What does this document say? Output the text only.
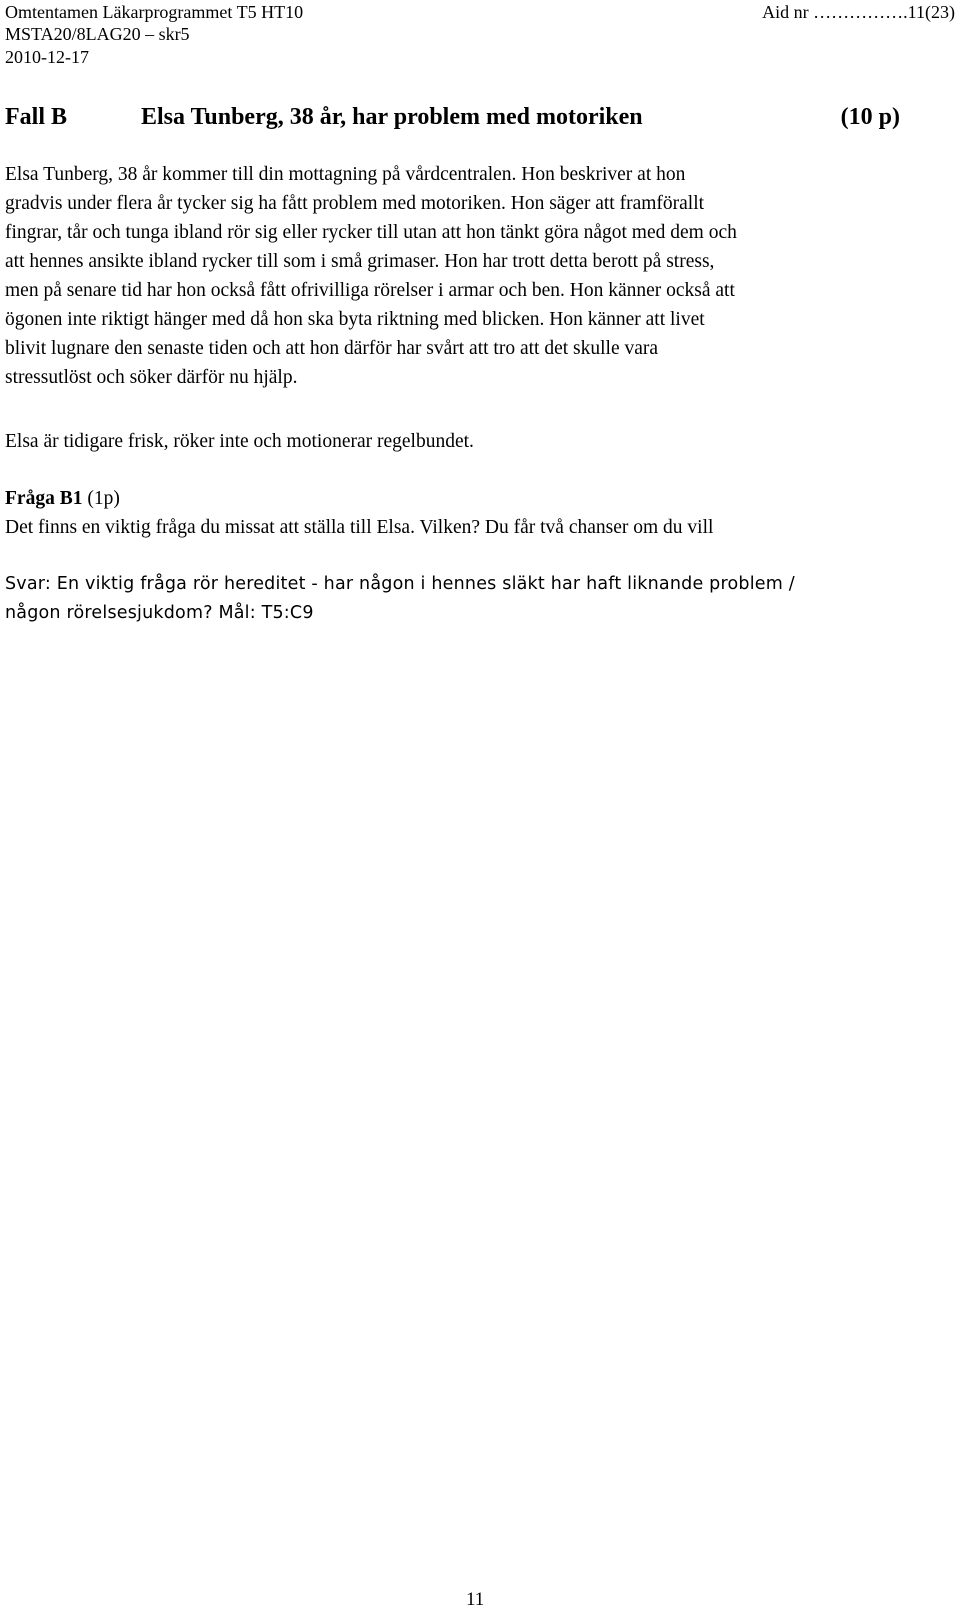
Omtentamen Läkarprogrammet T5 HT10	Aid nr …………….11(23)
MSTA20/8LAG20 – skr5
2010-12-17
Fall B	Elsa Tunberg, 38 år, har problem med motoriken	(10 p)
Elsa Tunberg, 38 år kommer till din mottagning på vårdcentralen. Hon beskriver at hon
gradvis under flera år tycker sig ha fått problem med motoriken. Hon säger att framförallt
fingrar, tår och tunga ibland rör sig eller rycker till utan att hon tänkt göra något med dem och
att hennes ansikte ibland rycker till som i små grimaser. Hon har trott detta berott på stress,
men på senare tid har hon också fått ofrivilliga rörelser i armar och ben. Hon känner också att
ögonen inte riktigt hänger med då hon ska byta riktning med blicken. Hon känner att livet
blivit lugnare den senaste tiden och att hon därför har svårt att tro att det skulle vara
stressutlöst och söker därför nu hjälp.
Elsa är tidigare frisk, röker inte och motionerar regelbundet.
Fråga B1 (1p)
Det finns en viktig fråga du missat att ställa till Elsa. Vilken? Du får två chanser om du vill
Svar: En viktig fråga rör hereditet - har någon i hennes släkt har haft liknande problem /
någon rörelsesjukdom? Mål: T5:C9
11
